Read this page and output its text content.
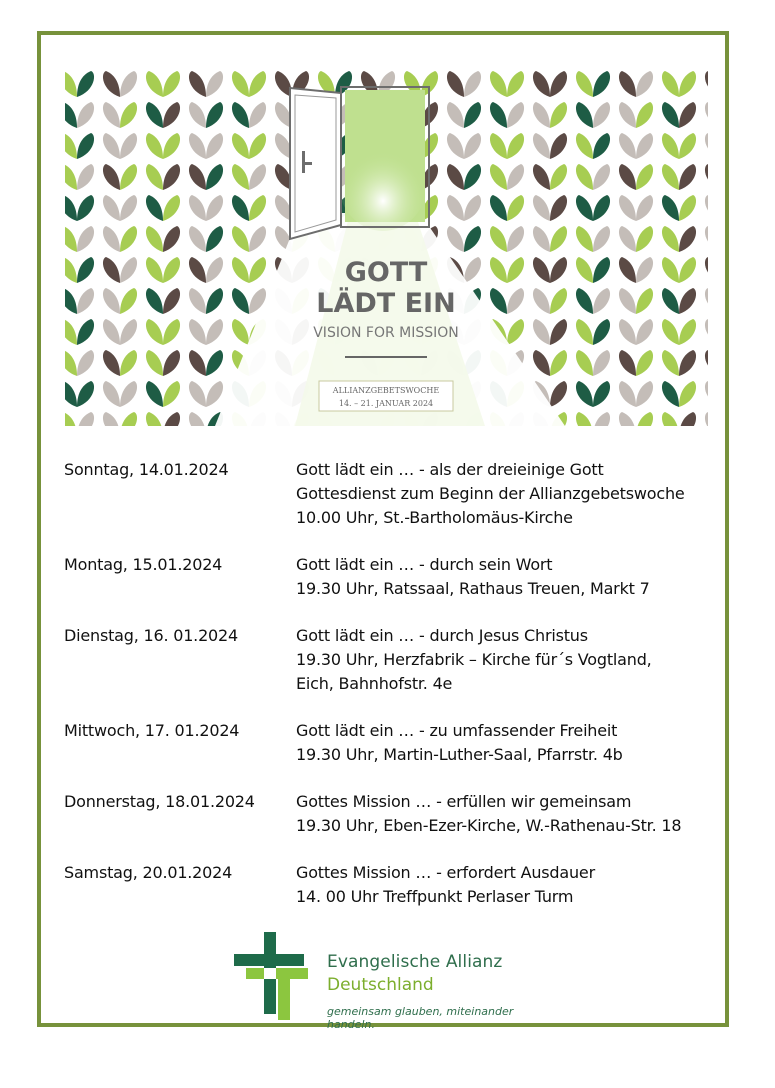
GOTT
LÄDT EIN
VISION FOR MISSION
ALLIANZGEBETSWOCHE
14. – 21. JANUAR 2024
Sonntag, 14.01.2024	Gott lädt ein … - als der dreieinige Gott
Gottesdienst zum Beginn der Allianzgebetswoche
10.00 Uhr, St.-Bartholomäus-Kirche
Montag, 15.01.2024	Gott lädt ein … - durch sein Wort
19.30 Uhr, Ratssaal, Rathaus Treuen, Markt 7
Dienstag, 16. 01.2024	Gott lädt ein … - durch Jesus Christus
19.30 Uhr, Herzfabrik – Kirche für´s Vogtland,
Eich, Bahnhofstr. 4e
Mittwoch, 17. 01.2024	Gott lädt ein … - zu umfassender Freiheit
19.30 Uhr, Martin-Luther-Saal, Pfarrstr. 4b
Donnerstag, 18.01.2024	Gottes Mission … - erfüllen wir gemeinsam
19.30 Uhr, Eben-Ezer-Kirche, W.-Rathenau-Str. 18
Samstag, 20.01.2024	Gottes Mission … - erfordert Ausdauer
14. 00 Uhr Treffpunkt Perlaser Turm
Evangelische Allianz
Deutschland
gemeinsam glauben, miteinander handeln.
